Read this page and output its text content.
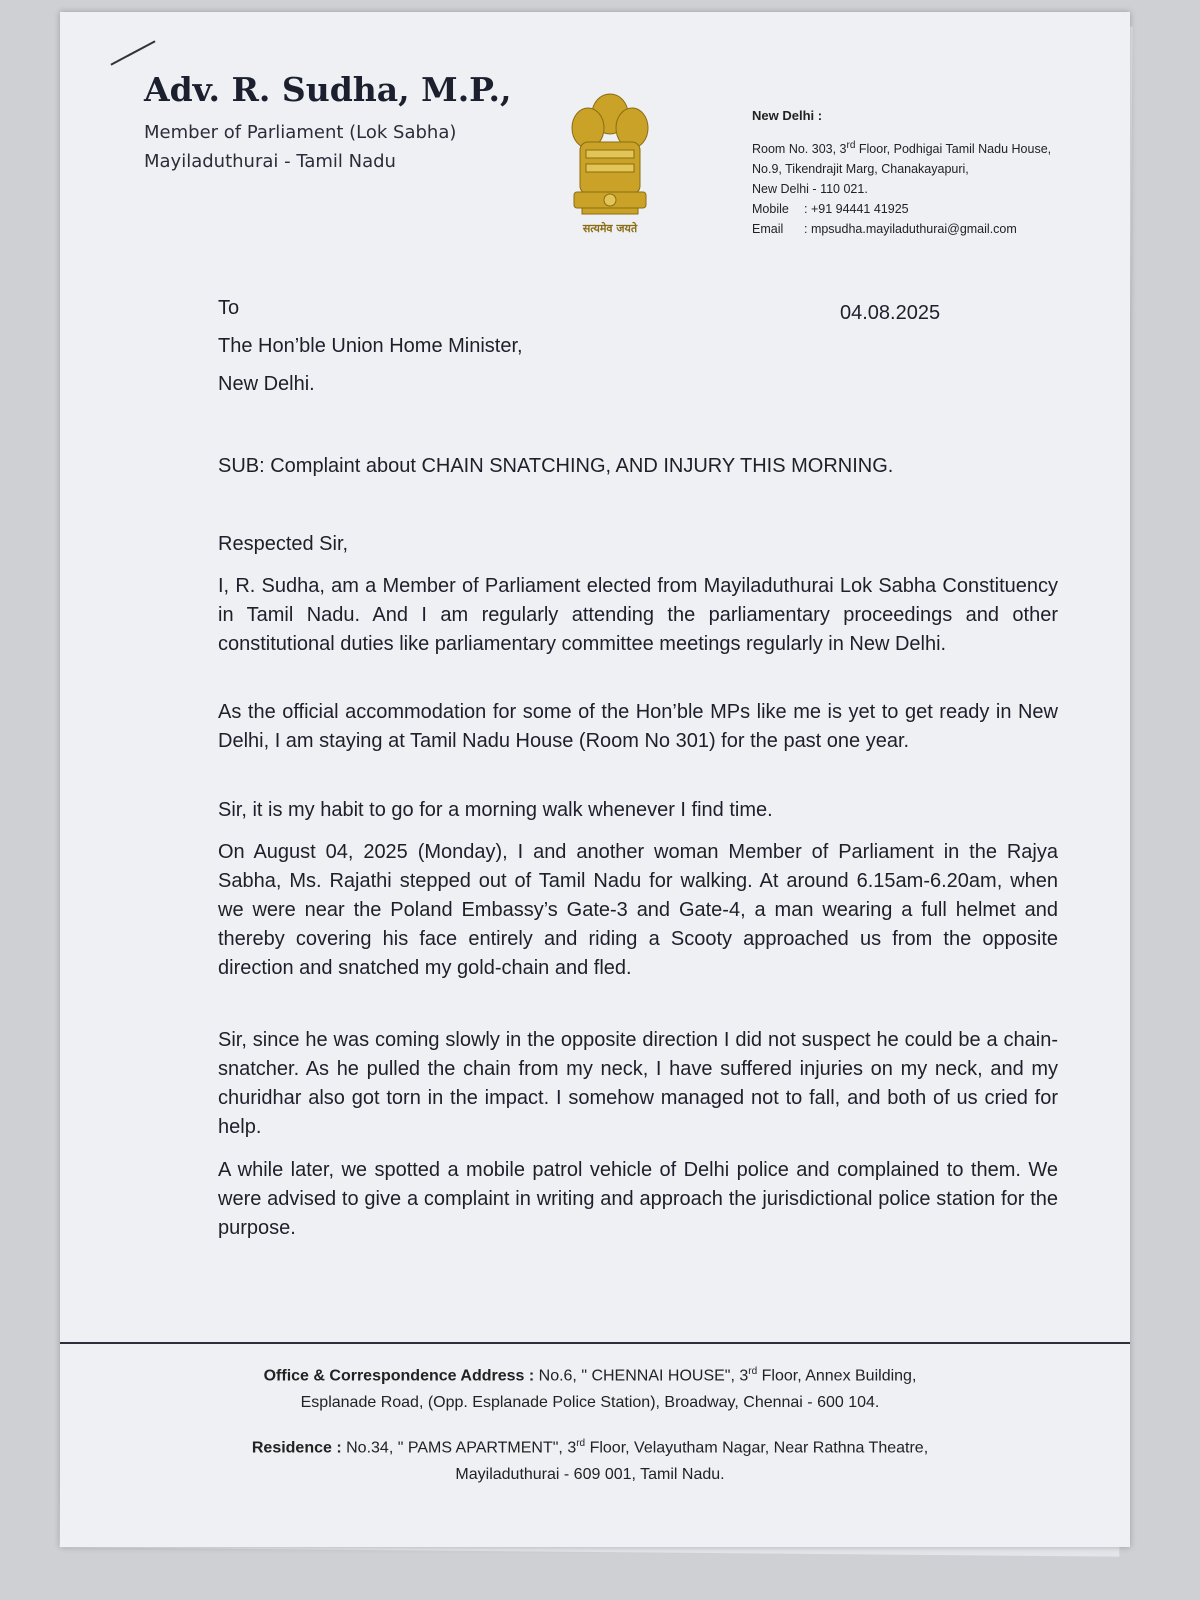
Adv. R. Sudha, M.P.,

Member of Parliament (Lok Sabha)

Mayiladuthurai - Tamil Nadu

सत्यमेव जयते
New Delhi :
Room No. 303, 3rd Floor, Podhigai Tamil Nadu House,
No.9, Tikendrajit Marg, Chanakayapuri,
New Delhi - 110 021.
Mobile : +91 94441 41925
Email : mpsudha.mayiladuthurai@gmail.com
To	04.08.2025
The Hon’ble Union Home Minister,
New Delhi.
SUB: Complaint about CHAIN SNATCHING, AND INJURY THIS MORNING.
Respected Sir,

I, R. Sudha, am a Member of Parliament elected from Mayiladuthurai Lok Sabha Constituency in Tamil Nadu. And I am regularly attending the parliamentary proceedings and other constitutional duties like parliamentary committee meetings regularly in New Delhi.

As the official accommodation for some of the Hon’ble MPs like me is yet to get ready in New Delhi, I am staying at Tamil Nadu House (Room No 301) for the past one year.

Sir, it is my habit to go for a morning walk whenever I find time.

On August 04, 2025 (Monday), I and another woman Member of Parliament in the Rajya Sabha, Ms. Rajathi stepped out of Tamil Nadu for walking. At around 6.15am-6.20am, when we were near the Poland Embassy’s Gate-3 and Gate-4, a man wearing a full helmet and thereby covering his face entirely and riding a Scooty approached us from the opposite direction and snatched my gold-chain and fled.

Sir, since he was coming slowly in the opposite direction I did not suspect he could be a chain-snatcher. As he pulled the chain from my neck, I have suffered injuries on my neck, and my churidhar also got torn in the impact. I somehow managed not to fall, and both of us cried for help.

A while later, we spotted a mobile patrol vehicle of Delhi police and complained to them. We were advised to give a complaint in writing and approach the jurisdictional police station for the purpose.

Office & Correspondence Address : No.6, " CHENNAI HOUSE", 3rd Floor, Annex Building,
Esplanade Road, (Opp. Esplanade Police Station), Broadway, Chennai - 600 104.
Residence : No.34, " PAMS APARTMENT", 3rd Floor, Velayutham Nagar, Near Rathna Theatre,
Mayiladuthurai - 609 001, Tamil Nadu.
